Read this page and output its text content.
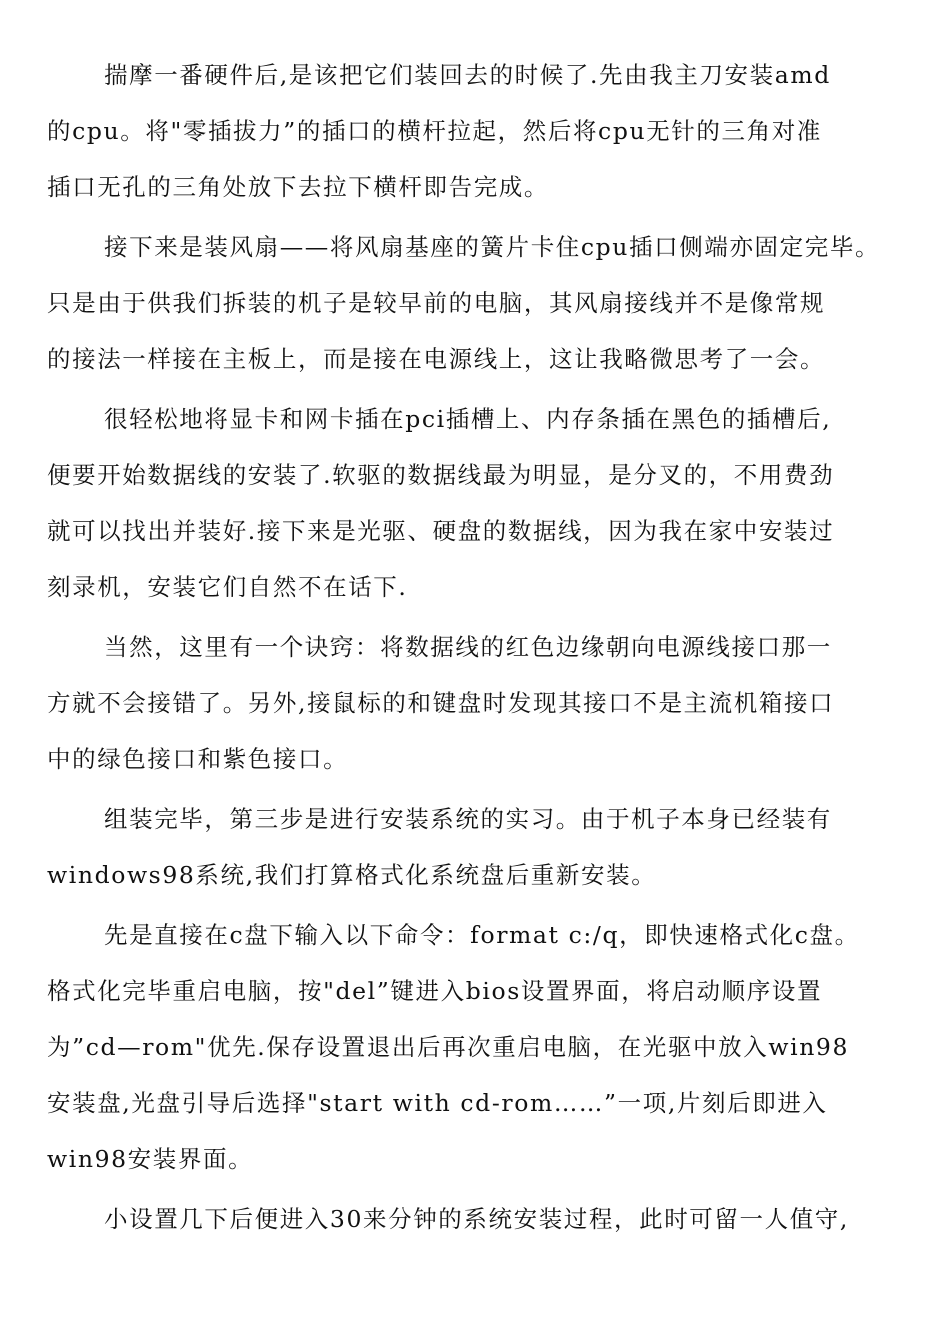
揣摩一番硬件后,是该把它们装回去的时候了.先由我主刀安装amd
的cpu。将"零插拔力”的插口的横杆拉起，然后将cpu无针的三角对准
插口无孔的三角处放下去拉下横杆即告完成。
接下来是装风扇——将风扇基座的簧片卡住cpu插口侧端亦固定完毕。
只是由于供我们拆装的机子是较早前的电脑，其风扇接线并不是像常规
的接法一样接在主板上，而是接在电源线上，这让我略微思考了一会。
很轻松地将显卡和网卡插在pci插槽上、内存条插在黑色的插槽后,
便要开始数据线的安装了.软驱的数据线最为明显，是分叉的，不用费劲
就可以找出并装好.接下来是光驱、硬盘的数据线，因为我在家中安装过
刻录机，安装它们自然不在话下.
当然，这里有一个诀窍：将数据线的红色边缘朝向电源线接口那一
方就不会接错了。另外,接鼠标的和键盘时发现其接口不是主流机箱接口
中的绿色接口和紫色接口。
组装完毕，第三步是进行安装系统的实习。由于机子本身已经装有
windows98系统,我们打算格式化系统盘后重新安装。
先是直接在c盘下输入以下命令：format c:/q，即快速格式化c盘。
格式化完毕重启电脑，按"del”键进入bios设置界面，将启动顺序设置
为”cd—rom"优先.保存设置退出后再次重启电脑，在光驱中放入win98
安装盘,光盘引导后选择"start with cd-rom……”一项,片刻后即进入
win98安装界面。
小设置几下后便进入30来分钟的系统安装过程，此时可留一人值守,
